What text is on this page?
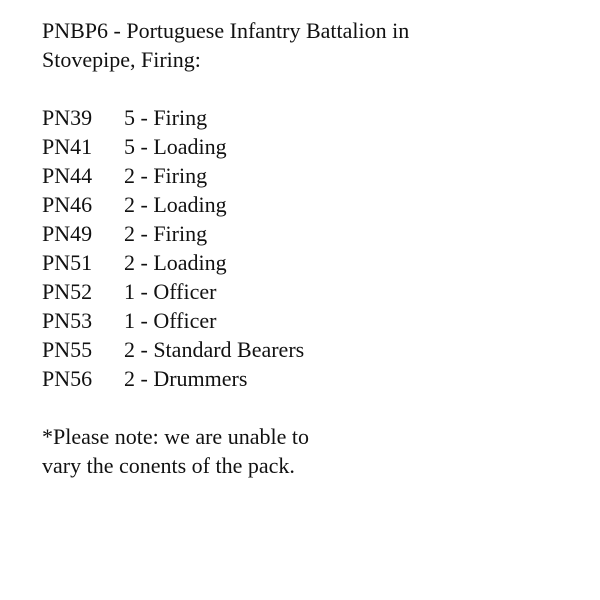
PNBP6 - Portuguese Infantry Battalion in
Stovepipe, Firing:
PN39	5 - Firing
PN41	5 - Loading
PN44	2 - Firing
PN46	2 - Loading
PN49	2 - Firing
PN51	2 - Loading
PN52	1 - Officer
PN53	1 - Officer
PN55	2 - Standard Bearers
PN56	2 - Drummers
*Please note: we are unable to
vary the conents of the pack.
